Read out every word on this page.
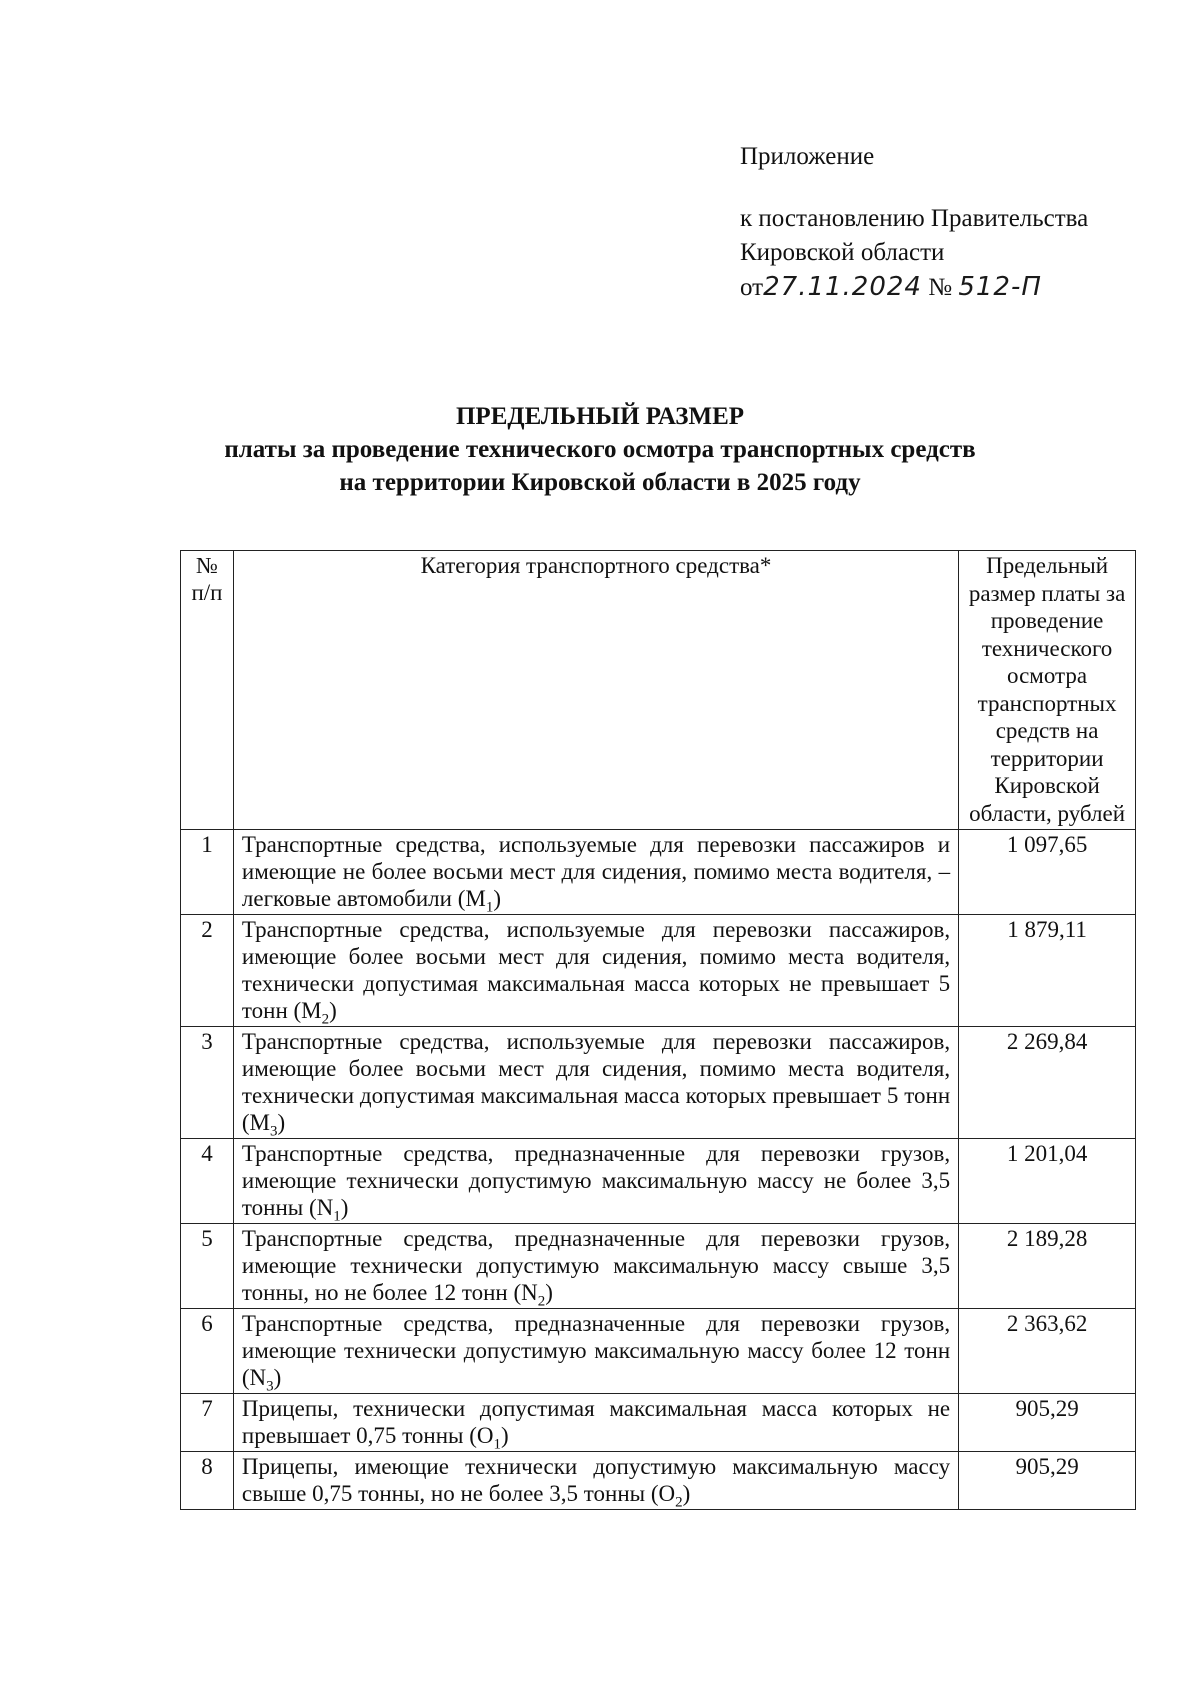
Приложение
к постановлению Правительства
Кировской области
от27.11.2024 № 512-П
ПРЕДЕЛЬНЫЙ РАЗМЕР
платы за проведение технического осмотра транспортных средств
на территории Кировской области в 2025 году
№ п/п	Категория транспортного средства*	Предельный размер платы за проведение технического осмотра транспортных средств на территории Кировской области, рублей
1	Транспортные средства, используемые для перевозки пассажиров и имеющие не более восьми мест для сидения, помимо места водителя, – легковые автомобили $(M_1)$	1 097,65
2	Транспортные средства, используемые для перевозки пассажиров, имеющие более восьми мест для сидения, помимо места водителя, технически допустимая максимальная масса которых не превышает 5 тонн $(M_2)$	1 879,11
3	Транспортные средства, используемые для перевозки пассажиров, имеющие более восьми мест для сидения, помимо места водителя, технически допустимая максимальная масса которых превышает 5 тонн $(M_3)$	2 269,84
4	Транспортные средства, предназначенные для перевозки грузов, имеющие технически допустимую максимальную массу не более 3,5 тонны $(N_1)$	1 201,04
5	Транспортные средства, предназначенные для перевозки грузов, имеющие технически допустимую максимальную массу свыше 3,5 тонны, но не более 12 тонн $(N_2)$	2 189,28
6	Транспортные средства, предназначенные для перевозки грузов, имеющие технически допустимую максимальную массу более 12 тонн $(N_3)$	2 363,62
7	Прицепы, технически допустимая максимальная масса которых не превышает 0,75 тонны $(O_1)$	905,29
8	Прицепы, имеющие технически допустимую максимальную массу свыше 0,75 тонны, но не более 3,5 тонны $(O_2)$	905,29
